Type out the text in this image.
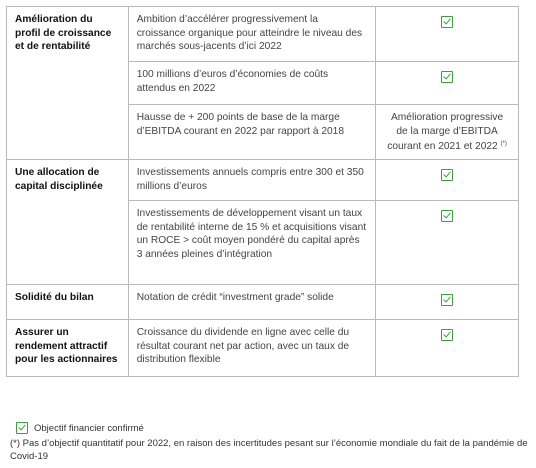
Amélioration du profil de croissance et de rentabilité	Ambition d’accélérer progressivement la croissance organique pour atteindre le niveau des marchés sous-jacents d’ici 2022	
	100 millions d’euros d’économies de coûts attendus en 2022	
	Hausse de + 200 points de base de la marge d’EBITDA courant en 2022 par rapport à 2018	Amélioration progressive de la marge d’EBITDA courant en 2021 et 2022 (*)
Une allocation de capital disciplinée	Investissements annuels compris entre 300 et 350 millions d’euros	
	Investissements de développement visant un taux de rentabilité interne de 15 % et acquisitions visant un ROCE > coût moyen pondéré du capital après 3 années pleines d’intégration	
Solidité du bilan	Notation de crédit “investment grade” solide	
Assurer un rendement attractif pour les actionnaires	Croissance du dividende en ligne avec celle du résultat courant net par action, avec un taux de distribution flexible	
Objectif financier confirmé
(*) Pas d’objectif quantitatif pour 2022, en raison des incertitudes pesant sur l’économie mondiale du fait de la pandémie de Covid-19
